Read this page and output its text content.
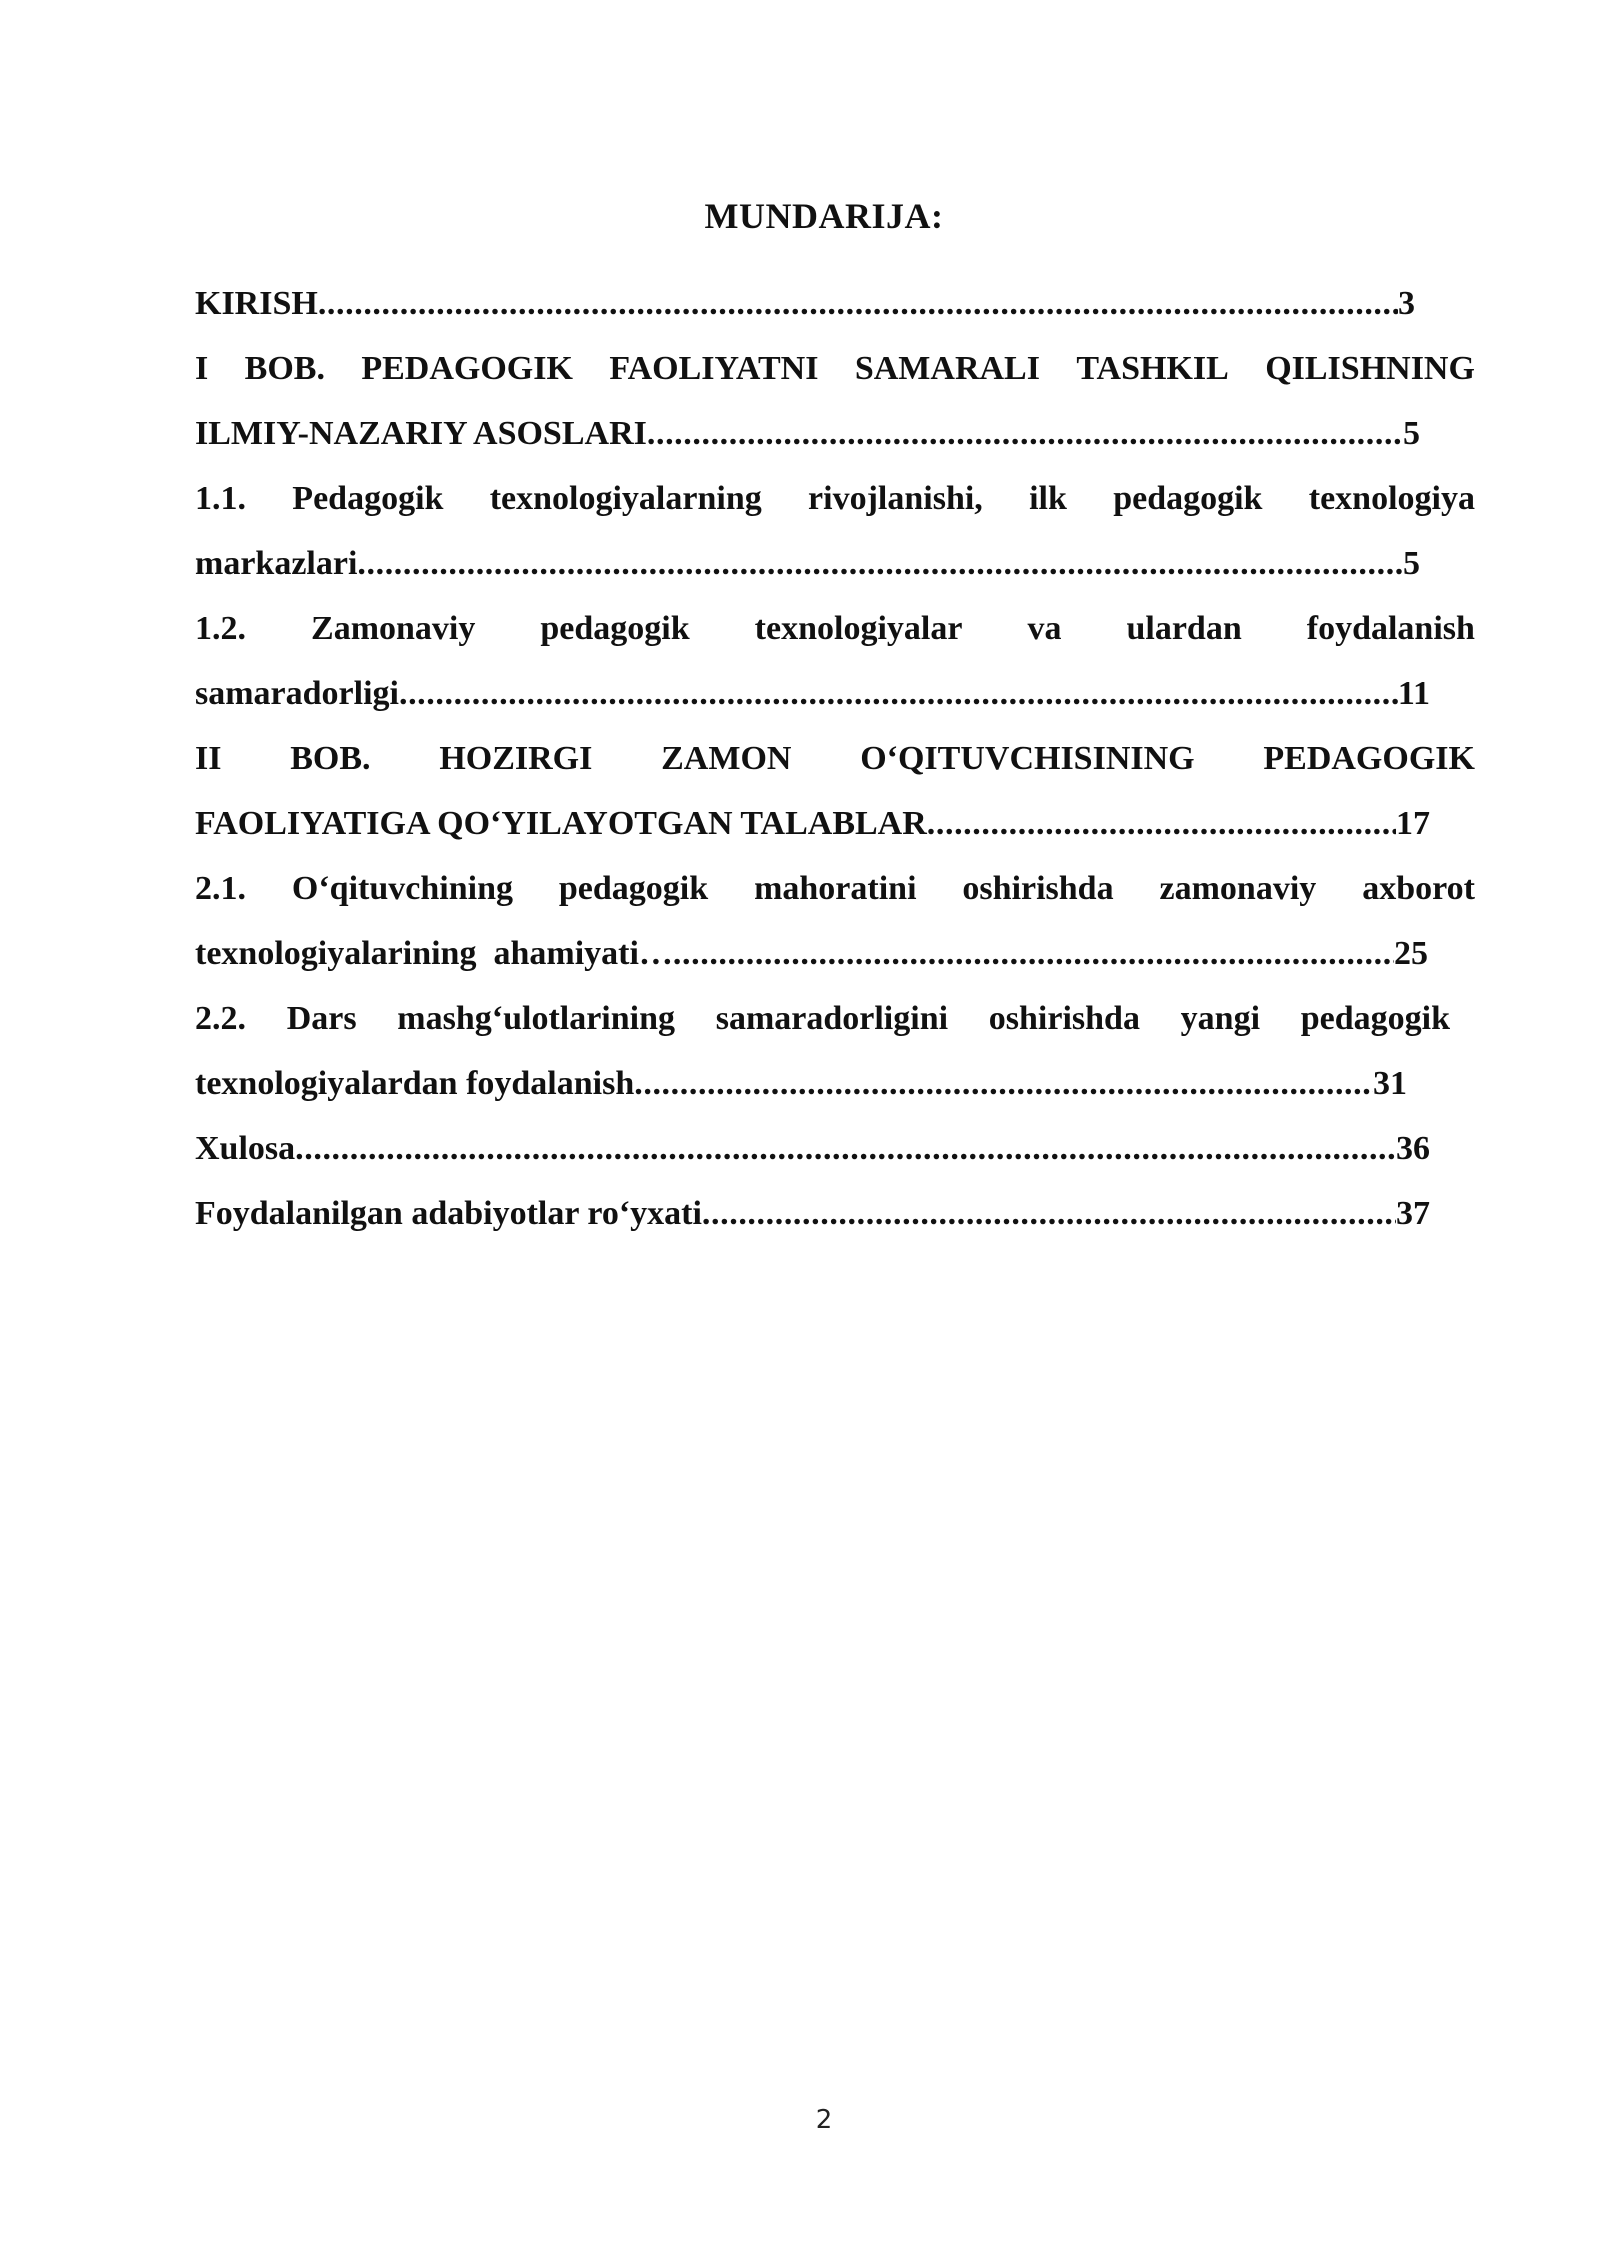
MUNDARIJA:
KIRISH .....	3
I BOB. PEDAGOGIK FAOLIYATNI SAMARALI TASHKIL QILISHNING
ILMIY-NAZARIY ASOSLARI .....	5
1.1. Pedagogik texnologiyalarning rivojlanishi, ilk pedagogik texnologiya
markazlari .....	5
1.2. Zamonaviy pedagogik texnologiyalar va ulardan foydalanish
samaradorligi .....	11
II BOB. HOZIRGI ZAMON O‘QITUVCHISINING PEDAGOGIK
FAOLIYATIGA QO‘YILAYOTGAN TALABLAR .....	17
2.1. O‘qituvchining pedagogik mahoratini oshirishda zamonaviy axborot
texnologiyalarining  ahamiyati… .....	25
2.2. Dars mashg‘ulotlarining samaradorligini oshirishda yangi pedagogik
texnologiyalardan foydalanish .....	31
Xulosa .....	36
Foydalanilgan adabiyotlar ro‘yxati .....	37
2
